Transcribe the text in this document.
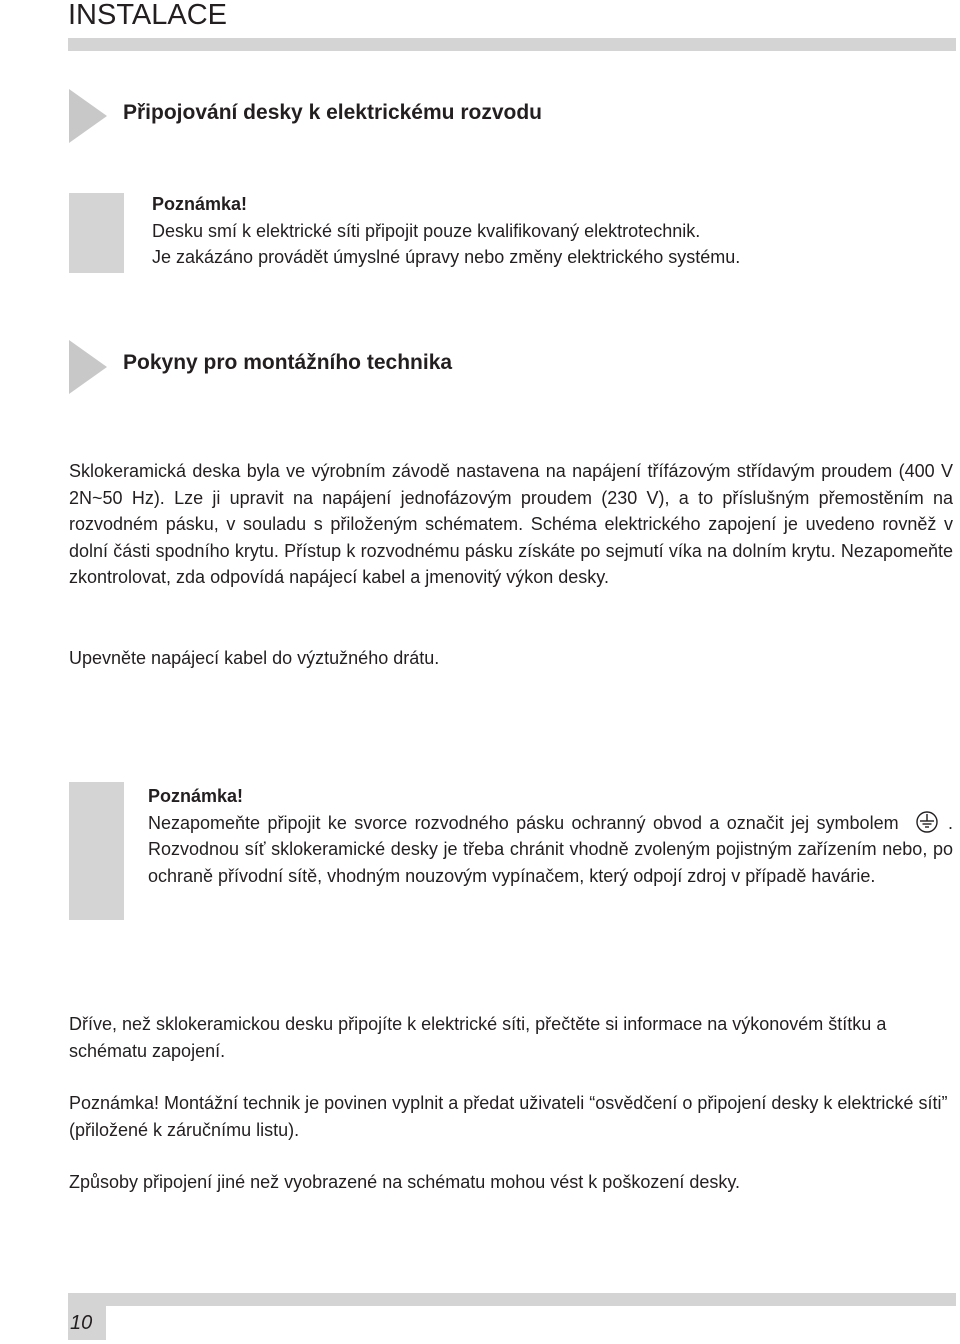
INSTALACE
Připojování desky k elektrickému rozvodu
Poznámka!
Desku smí k elektrické síti připojit pouze kvalifikovaný elektrotechnik.
Je zakázáno provádět úmyslné úpravy nebo změny elektrického systému.
Pokyny pro montážního technika
Sklokeramická deska byla ve výrobním závodě nastavena na napájení třífázovým střídavým proudem (400 V 2N~50 Hz). Lze ji upravit na napájení jednofázovým proudem (230 V), a to příslušným přemostěním na rozvodném pásku, v souladu s přiloženým schématem. Schéma elektrického zapojení je uvedeno rovněž v dolní části spodního krytu. Přístup k rozvodnému pásku získáte po sejmutí víka na dolním krytu. Nezapomeňte zkontrolovat, zda odpovídá napájecí kabel a jmenovitý výkon desky.
Upevněte napájecí kabel do výztužného drátu.
Poznámka!
Nezapomeňte připojit ke svorce rozvodného pásku ochranný obvod a označit jej symbolem	. Rozvodnou síť sklokeramické desky je třeba chránit vhodně zvoleným pojistným zařízením nebo, po ochraně přívodní sítě, vhodným nouzovým vypínačem, který odpojí zdroj v případě havárie.
Dříve, než sklokeramickou desku připojíte k elektrické síti, přečtěte si informace na výkonovém štítku a schématu zapojení.
Poznámka! Montážní technik je povinen vyplnit a předat uživateli “osvědčení o připojení desky k elektrické síti” (přiložené k záručnímu listu).
Způsoby připojení jiné než vyobrazené na schématu mohou vést k poškození desky.
10
